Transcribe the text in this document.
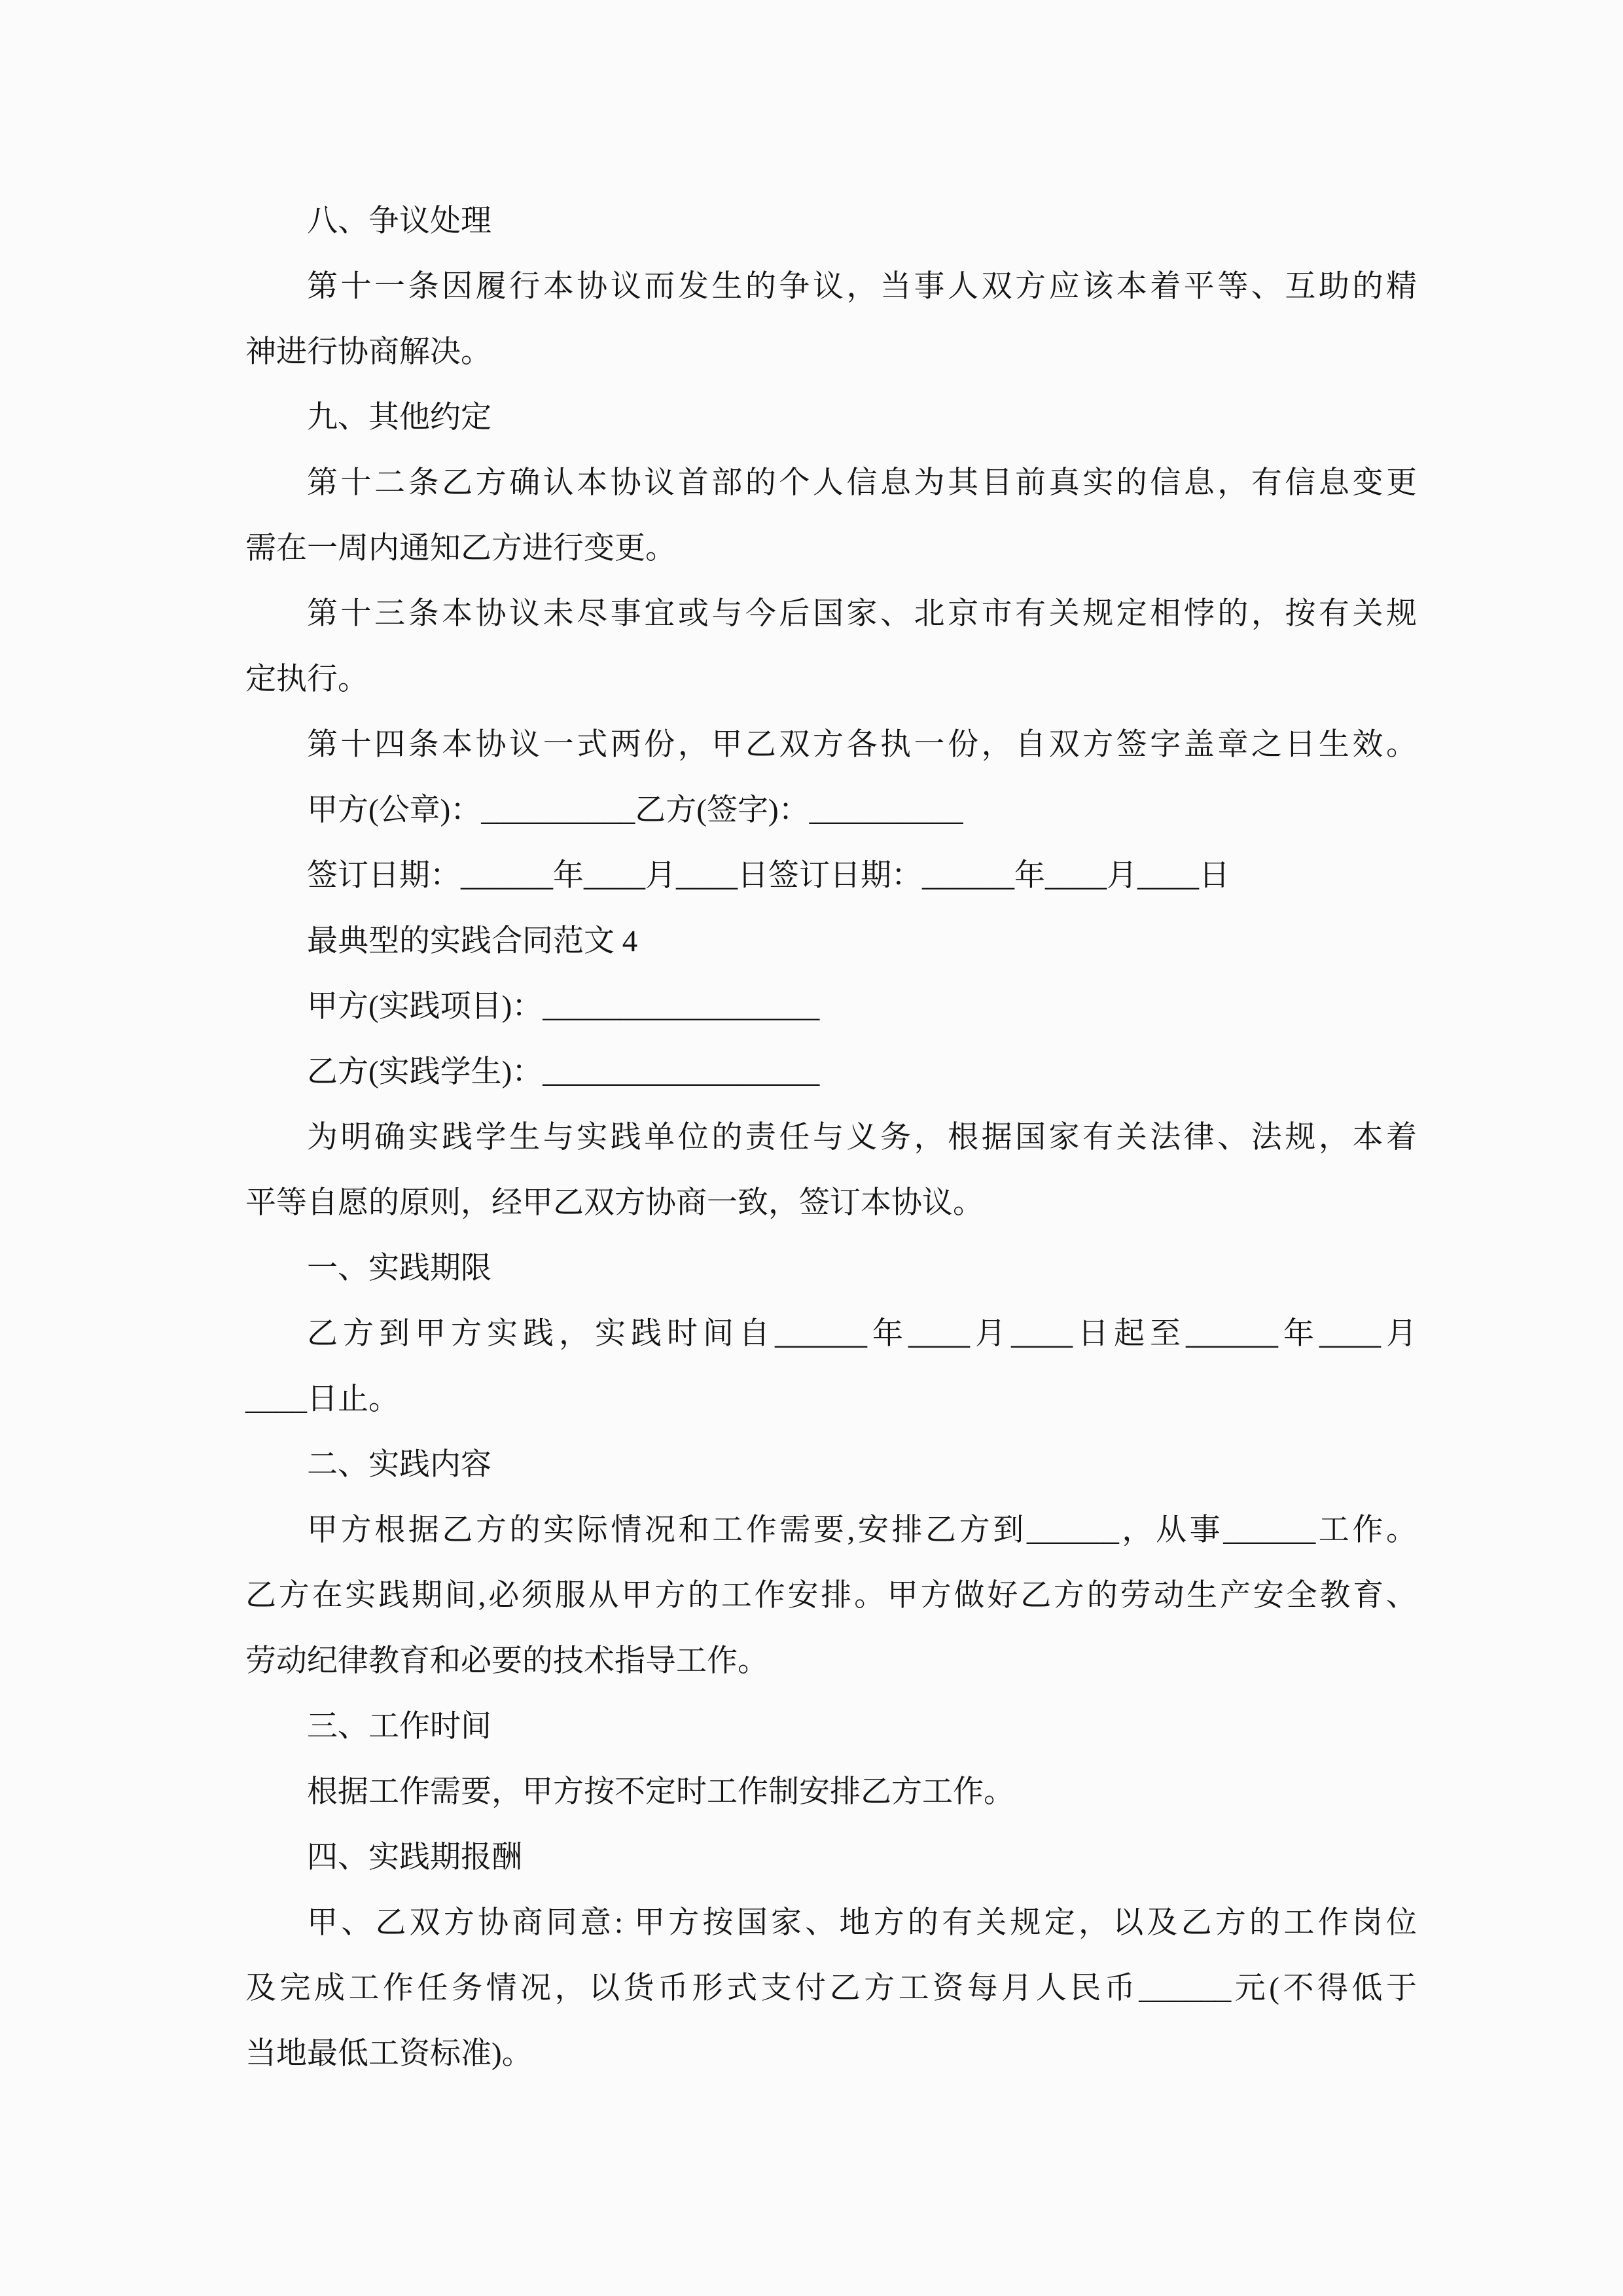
八、争议处理
第十一条因履行本协议而发生的争议，当事人双方应该本着平等、互助的精
神进行协商解决。
九、其他约定
第十二条乙方确认本协议首部的个人信息为其目前真实的信息，有信息变更
需在一周内通知乙方进行变更。
第十三条本协议未尽事宜或与今后国家、北京市有关规定相悖的，按有关规
定执行。
第十四条本协议一式两份，甲乙双方各执一份，自双方签字盖章之日生效。
甲方(公章)：__________乙方(签字)：__________
签订日期：______年____月____日签订日期：______年____月____日
最典型的实践合同范文 4
甲方(实践项目)：__________________
乙方(实践学生)：__________________
为明确实践学生与实践单位的责任与义务，根据国家有关法律、法规，本着
平等自愿的原则，经甲乙双方协商一致，签订本协议。
一、实践期限
乙方到甲方实践，实践时间自______年____月____日起至______年____月
____日止。
二、实践内容
甲方根据乙方的实际情况和工作需要,安排乙方到______，从事______工作。
乙方在实践期间,必须服从甲方的工作安排。甲方做好乙方的劳动生产安全教育、
劳动纪律教育和必要的技术指导工作。
三、工作时间
根据工作需要，甲方按不定时工作制安排乙方工作。
四、实践期报酬
甲、乙双方协商同意: 甲方按国家、地方的有关规定，以及乙方的工作岗位
及完成工作任务情况，以货币形式支付乙方工资每月人民币______元(不得低于
当地最低工资标准)。
